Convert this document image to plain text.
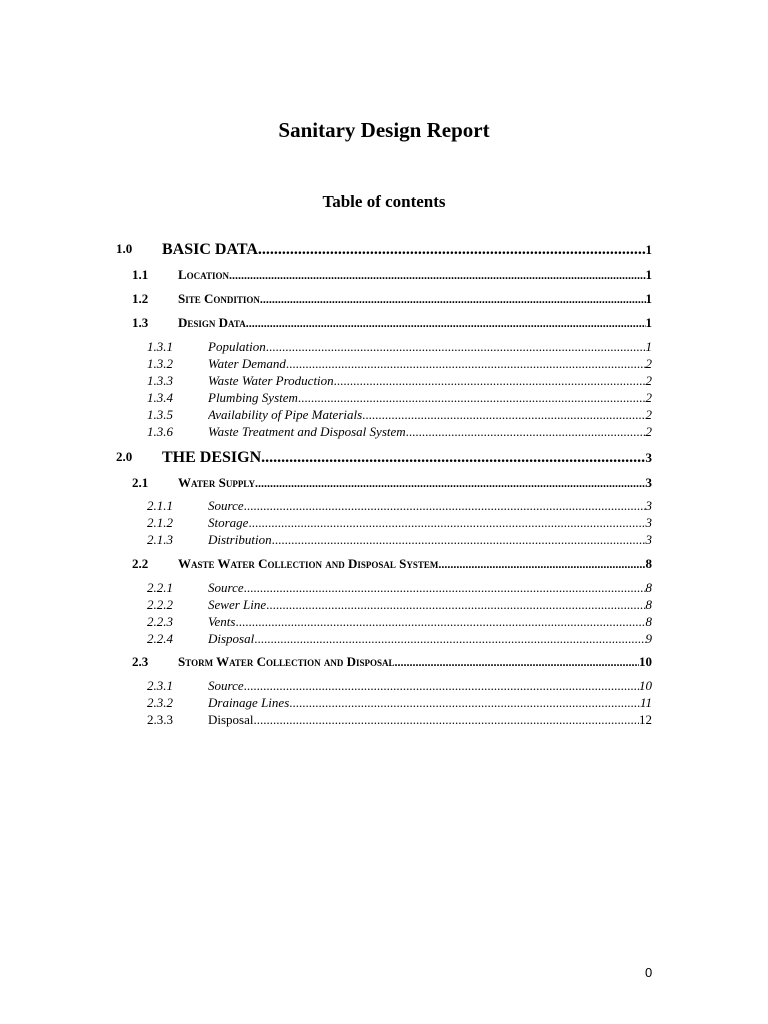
Sanitary Design Report
Table of contents
1.0 BASIC DATA .....	1
1.1 Location .....	1
1.2 Site Condition .....	1
1.3 Design Data .....	1
1.3.1	Population .....	1
1.3.2	Water Demand .....	2
1.3.3	Waste Water Production .....	2
1.3.4	Plumbing System .....	2
1.3.5	Availability of Pipe Materials .....	2
1.3.6	Waste Treatment and Disposal System .....	2
2.0 THE DESIGN .....	3
2.1 Water Supply .....	3
2.1.1	Source .....	3
2.1.2	Storage .....	3
2.1.3	Distribution .....	3
2.2 Waste Water Collection and Disposal System .....	8
2.2.1	Source .....	8
2.2.2	Sewer Line .....	8
2.2.3	Vents .....	8
2.2.4	Disposal .....	9
2.3 Storm Water Collection and Disposal .....	10
2.3.1	Source .....	10
2.3.2	Drainage Lines .....	11
2.3.3	Disposal .....	12
0
